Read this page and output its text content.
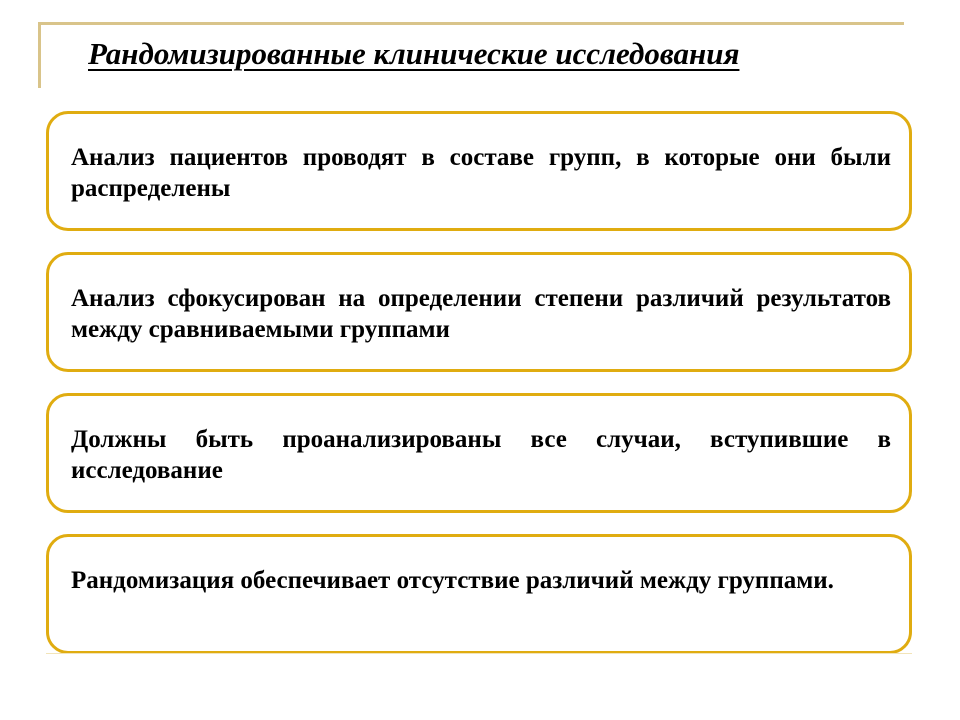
Рандомизированные клинические исследования
Анализ пациентов проводят в составе групп, в которые они были распределены
Анализ сфокусирован на определении степени различий результатов между сравниваемыми группами
Должны быть проанализированы все случаи, вступившие в исследование
Рандомизация обеспечивает отсутствие различий между группами.
